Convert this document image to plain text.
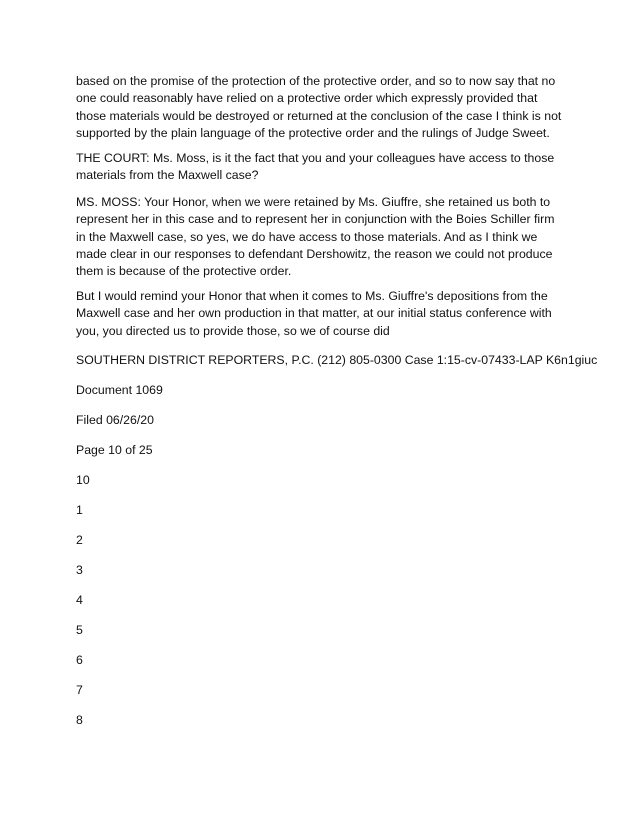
based on the promise of the protection of the protective order, and so to now say that no one could reasonably have relied on a protective order which expressly provided that those materials would be destroyed or returned at the conclusion of the case I think is not supported by the plain language of the protective order and the rulings of Judge Sweet.

THE COURT: Ms. Moss, is it the fact that you and your colleagues have access to those materials from the Maxwell case?

MS. MOSS: Your Honor, when we were retained by Ms. Giuffre, she retained us both to represent her in this case and to represent her in conjunction with the Boies Schiller firm in the Maxwell case, so yes, we do have access to those materials. And as I think we made clear in our responses to defendant Dershowitz, the reason we could not produce them is because of the protective order.

But I would remind your Honor that when it comes to Ms. Giuffre's depositions from the Maxwell case and her own production in that matter, at our initial status conference with you, you directed us to provide those, so we of course did

SOUTHERN DISTRICT REPORTERS, P.C. (212) 805-0300 Case 1:15-cv-07433-LAP K6n1giuc

Document 1069

Filed 06/26/20

Page 10 of 25

10

1

2

3

4

5

6

7

8
